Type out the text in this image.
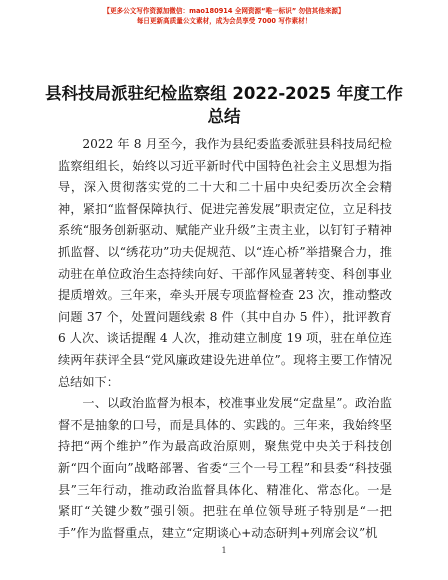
【更多公文写作资源加微信：mao180914 全网资源“唯一标识” 勿信其他来源】
每日更新高质量公文素材，成为会员享受 7000 写作素材！
县科技局派驻纪检监察组 2022-2025 年度工作总结

2022 年 8 月至今，我作为县纪委监委派驻县科技局纪检监察组组长，始终以习近平新时代中国特色社会主义思想为指导，深入贯彻落实党的二十大和二十届中央纪委历次全会精神，紧扣“监督保障执行、促进完善发展”职责定位，立足科技系统“服务创新驱动、赋能产业升级”主责主业，以钉钉子精神抓监督、以“绣花功”功夫促规范、以“连心桥”举措聚合力，推动驻在单位政治生态持续向好、干部作风显著转变、科创事业提质增效。三年来，牵头开展专项监督检查 23 次，推动整改问题 37 个，处置问题线索 8 件（其中自办 5 件），批评教育 6 人次、谈话提醒 4 人次，推动建立制度 19 项，驻在单位连续两年获评全县“党风廉政建设先进单位”。现将主要工作情况总结如下：

一、以政治监督为根本，校准事业发展“定盘星”。政治监督不是抽象的口号，而是具体的、实践的。三年来，我始终坚持把“两个维护”作为最高政治原则，聚焦党中央关于科技创新“四个面向”战略部署、省委“三个一号工程”和县委“科技强县”三年行动，推动政治监督具体化、精准化、常态化。一是紧盯“关键少数”强引领。把驻在单位领导班子特别是“一把手”作为监督重点，建立“定期谈心+动态研判+列席会议”机

1
